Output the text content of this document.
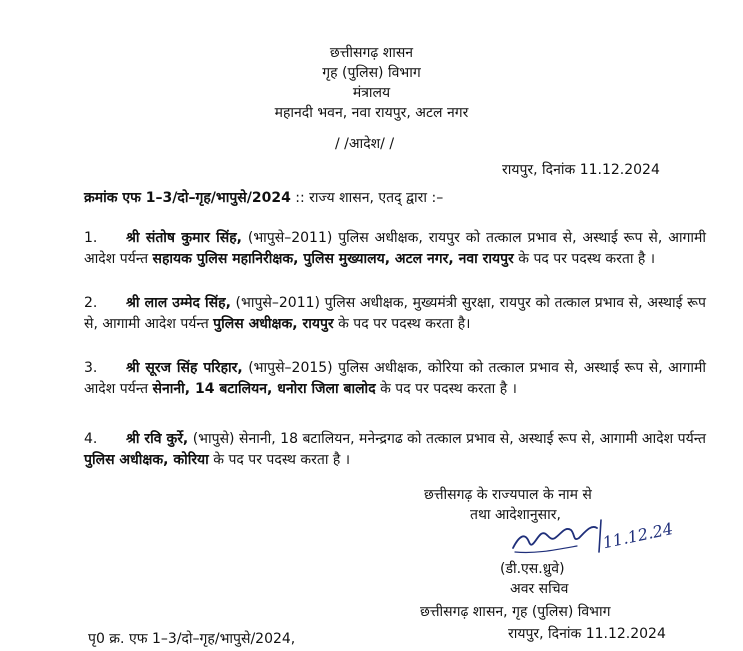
छत्तीसगढ़ शासन
गृह (पुलिस) विभाग
मंत्रालय
महानदी भवन, नवा रायपुर, अटल नगर
/ /आदेश/ /
रायपुर, दिनांक 11.12.2024
क्रमांक एफ 1–3/दो–गृह/भापुसे/2024 :: राज्य शासन, एतद् द्वारा :–
1. श्री संतोष कुमार सिंह, (भापुसे–2011) पुलिस अधीक्षक, रायपुर को तत्काल प्रभाव से, अस्थाई रूप से, आगामी आदेश पर्यन्त सहायक पुलिस महानिरीक्षक, पुलिस मुख्यालय, अटल नगर, नवा रायपुर के पद पर पदस्थ करता है ।
2. श्री लाल उम्मेद सिंह, (भापुसे–2011) पुलिस अधीक्षक, मुख्यमंत्री सुरक्षा, रायपुर को तत्काल प्रभाव से, अस्थाई रूप से, आगामी आदेश पर्यन्त पुलिस अधीक्षक, रायपुर के पद पर पदस्थ करता है।
3. श्री सूरज सिंह परिहार, (भापुसे–2015) पुलिस अधीक्षक, कोरिया को तत्काल प्रभाव से, अस्थाई रूप से, आगामी आदेश पर्यन्त सेनानी, 14 बटालियन, धनोरा जिला बालोद के पद पर पदस्थ करता है ।
4. श्री रवि कुर्रे, (भापुसे) सेनानी, 18 बटालियन, मनेन्द्रगढ को तत्काल प्रभाव से, अस्थाई रूप से, आगामी आदेश पर्यन्त पुलिस अधीक्षक, कोरिया के पद पर पदस्थ करता है ।
छत्तीसगढ़ के राज्यपाल के नाम से
तथा आदेशानुसार,
11.12.24
(डी.एस.ध्रुवे)
अवर सचिव
छत्तीसगढ़ शासन, गृह (पुलिस) विभाग
रायपुर, दिनांक 11.12.2024
पृ0 क्र. एफ 1–3/दो–गृह/भापुसे/2024,
